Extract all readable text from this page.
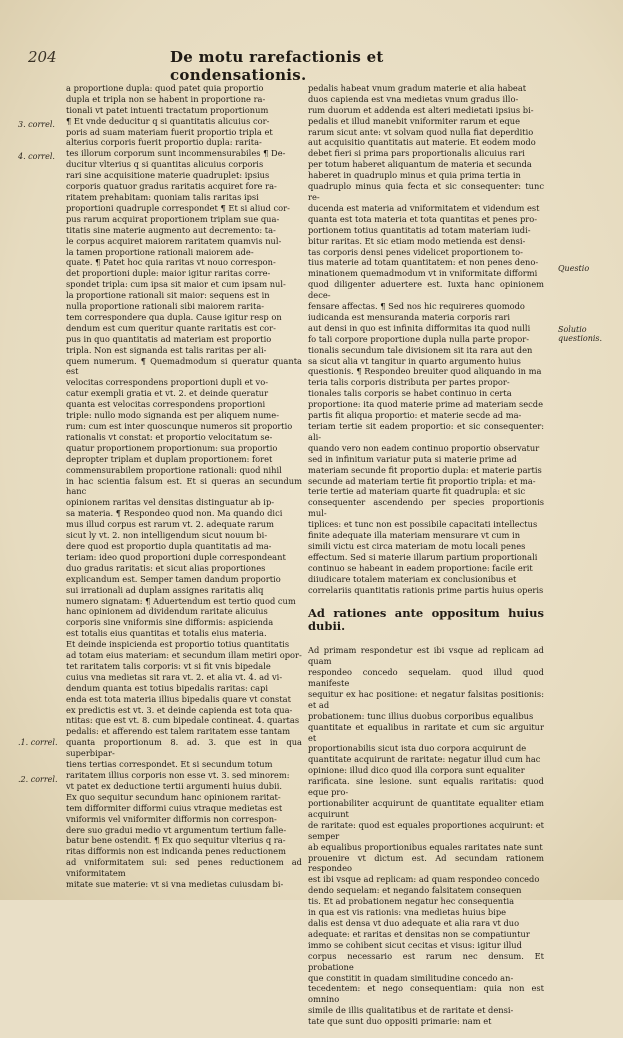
204	De motu rarefactionis et condensationis.

a proportione dupla: quod patet quia proportio
dupla et tripla non se habent in proportione ra-
tionali vt patet intuenti tractatum proportionum
¶ Et vnde deducitur q si quantitatis alicuius cor-
poris ad suam materiam fuerit proportio tripla et
alterius corporis fuerit proportio dupla: rarita-
tes illorum corporum sunt incommensurabiles ¶ De-
ducitur vlterius q si quantitas alicuius corporis
rari sine acquisitione materie quadruplet: ipsius
corporis quatuor gradus raritatis acquiret fore ra-
ritatem prehabitam: quoniam talis raritas ipsi
proportioni quadruple correspondet ¶ Et si aliud cor-
pus rarum acquirat proportionem triplam sue qua-
titatis sine materie augmento aut decremento: ta-
le corpus acquiret maiorem raritatem quamvis nul-
la tamen proportione rationali maiorem ade-
quate. ¶ Patet hoc quia raritas vt nouo correspon-
det proportioni duple: maior igitur raritas corre-
spondet tripla: cum ipsa sit maior et cum ipsam nul-
la proportione rationali sit maior: sequens est in
nulla proportione rationali sibi maiorem rarita-
tem correspondere qua dupla. Cause igitur resp on
dendum est cum queritur quante raritatis est cor-
pus in quo quantitatis ad materiam est proportio
tripla. Non est signanda est talis raritas per ali-
quem numerum. ¶ Quemadmodum si queratur quanta est
velocitas correspondens proportioni dupli et vo-
catur exempli gratia et vt. 2. et deinde queratur
quanta est velocitas correspondens proportioni
triple: nullo modo signanda est per aliquem nume-
rum: cum est inter quoscunque numeros sit proportio
rationalis vt constat: et proportio velocitatum se-
quatur proportionem proportionum: sua proportio
depropter triplam et duplam proportionem: foret
commensurabilem proportione rationali: quod nihil
in hac scientia falsum est. Et si queras an secundum hanc
opinionem raritas vel densitas distinguatur ab ip-
sa materia. ¶ Respondeo quod non. Ma quando dici
mus illud corpus est rarum vt. 2. adequate rarum
sicut ly vt. 2. non intelligendum sicut nouum bi-
dere quod est proportio dupla quantitatis ad ma-
teriam: ideo quod proportioni duple correspondeant
duo gradus raritatis: et sicut alias proportiones
explicandum est. Semper tamen dandum proportio
sui irrationali ad duplam assignes raritatis aliq
numero signatam: ¶ Aduertendum est tertio quod cum
hanc opinionem ad dividendum raritate alicuius
corporis sine vniformis sine difformis: aspicienda
est totalis eius quantitas et totalis eius materia.
Et deinde inspicienda est proportio totius quantitatis
ad totam eius materiam: et secundum illam metiri opor-
tet raritatem talis corporis: vt si fit vnis bipedale
cuius vna medietas sit rara vt. 2. et alia vt. 4. ad vi-
dendum quanta est totius bipedalis raritas: capi
enda est tota materia illius bipedalis quare vt constat
ex predictis est vt. 3. et deinde capienda est tota qua-
ntitas: que est vt. 8. cum bipedale contineat. 4. quartas
pedalis: et afferendo est talem raritatem esse tantam
quanta proportionum 8. ad. 3. que est in qua superbipar-
tiens tertias correspondet. Et si secundum totum
raritatem illius corporis non esse vt. 3. sed minorem:
vt patet ex deductione tertii argumenti huius dubii.
Ex quo sequitur secundum hanc opinionem raritat-
tem difformiter difformi cuius vtraque medietas est
vniformis vel vniformiter difformis non correspon-
dere suo gradui medio vt argumentum tertium falle-
batur bene ostendit. ¶ Ex quo sequitur vlterius q ra-
ritas difformis non est indicanda penes reductionem
ad vniformitatem sui: sed penes reductionem ad vniformitatem
mitate sue materie: vt si vna medietas cuiusdam bi-

pedalis habeat vnum gradum materie et alia habeat
duos capienda est vna medietas vnum gradus illo-
rum duorum et addenda est alteri medietati ipsius bi-
pedalis et illud manebit vniformiter rarum et eque
rarum sicut ante: vt solvam quod nulla fiat deperditio
aut acquisitio quantitatis aut materie. Et eodem modo
debet fieri si prima pars proportionalis alicuius rari
per totum haberet aliquantum de materia et secunda
haberet in quadruplo minus et quia prima tertia in
quadruplo minus quia fecta et sic consequenter: tunc re-
ducenda est materia ad vniformitatem et videndum est
quanta est tota materia et tota quantitas et penes pro-
portionem totius quantitatis ad totam materiam iudi-
bitur raritas. Et sic etiam modo metienda est densi-
tas corporis densi penes videlicet proportionem to-
tius materie ad totam quantitatem: et non penes deno-
minationem quemadmodum vt in vniformitate difformi
quod diligenter aduertere est. Iuxta hanc opinionem dece-
fensare affectas. ¶ Sed nos hic requireres quomodo
iudicanda est mensuranda materia corporis rari
aut densi in quo est infinita difformitas ita quod nulli
fo tali corpore proportione dupla nulla parte propor-
tionalis secundum tale divisionem sit ita rara aut den
sa sicut alia vt tangitur in quarto argumento huius
questionis. ¶ Respondeo breuiter quod aliquando in ma
teria talis corporis distributa per partes propor-
tionales talis corporis se habet continuo in certa
proportione: ita quod materie prime ad materiam secde
partis fit aliqua proportio: et materie secde ad ma-
teriam tertie sit eadem proportio: et sic consequenter: ali-
quando vero non eadem continuo proportio observatur
sed in infinitum variatur puta si materie prime ad
materiam secunde fit proportio dupla: et materie partis
secunde ad materiam tertie fit proportio tripla: et ma-
terie tertie ad materiam quarte fit quadrupla: et sic
consequenter ascendendo per species proportionis mul-
tiplices: et tunc non est possibile capacitati intellectus
finite adequate illa materiam mensurare vt cum in
simili victu est circa materiam de motu locali penes
effectum. Sed si materie illarum partium proportionali
continuo se habeant in eadem proportione: facile erit
diiudicare totalem materiam ex conclusionibus et
correlariis quantitatis rationis prime partis huius operis

Ad rationes ante oppositum huius dubii.

Ad primam respondetur est ibi vsque ad replicam ad quam
respondeo concedo sequelam. quod illud quod manifeste
sequitur ex hac positione: et negatur falsitas positionis: et ad
probationem: tunc illius duobus corporibus equalibus
quantitate et equalibus in raritate et cum sic arguitur et
proportionabilis sicut ista duo corpora acquirunt de
quantitate acquirunt de raritate: negatur illud cum hac
opinione: illud dico quod illa corpora sunt equaliter
rarificata. sine lesione. sunt equalis raritatis: quod eque pro-
portionabiliter acquirunt de quantitate equaliter etiam acquirunt
de raritate: quod est equales proportiones acquirunt: et semper
ab equalibus proportionibus equales raritates nate sunt
prouenire vt dictum est. Ad secundam rationem respondeo
est ibi vsque ad replicam: ad quam respondeo concedo
dendo sequelam: et negando falsitatem consequen
tis. Et ad probationem negatur hec consequentia
in qua est vis rationis: vna medietas huius bipe
dalis est densa vt duo adequate et alia rara vt duo
adequate: et raritas et densitas non se compatiuntur
immo se cohibent sicut cecitas et visus: igitur illud
corpus necessario est rarum nec densum. Et probatione
que constitit in quadam similitudine concedo an-
tecedentem: et nego consequentiam: quia non est omnino
simile de illis qualitatibus et de raritate et densi-
tate que sunt duo oppositi primarie: nam et

3. correl.
4. correl.
.1. correl.
.2. correl.
Questio
Solutio questionis.
